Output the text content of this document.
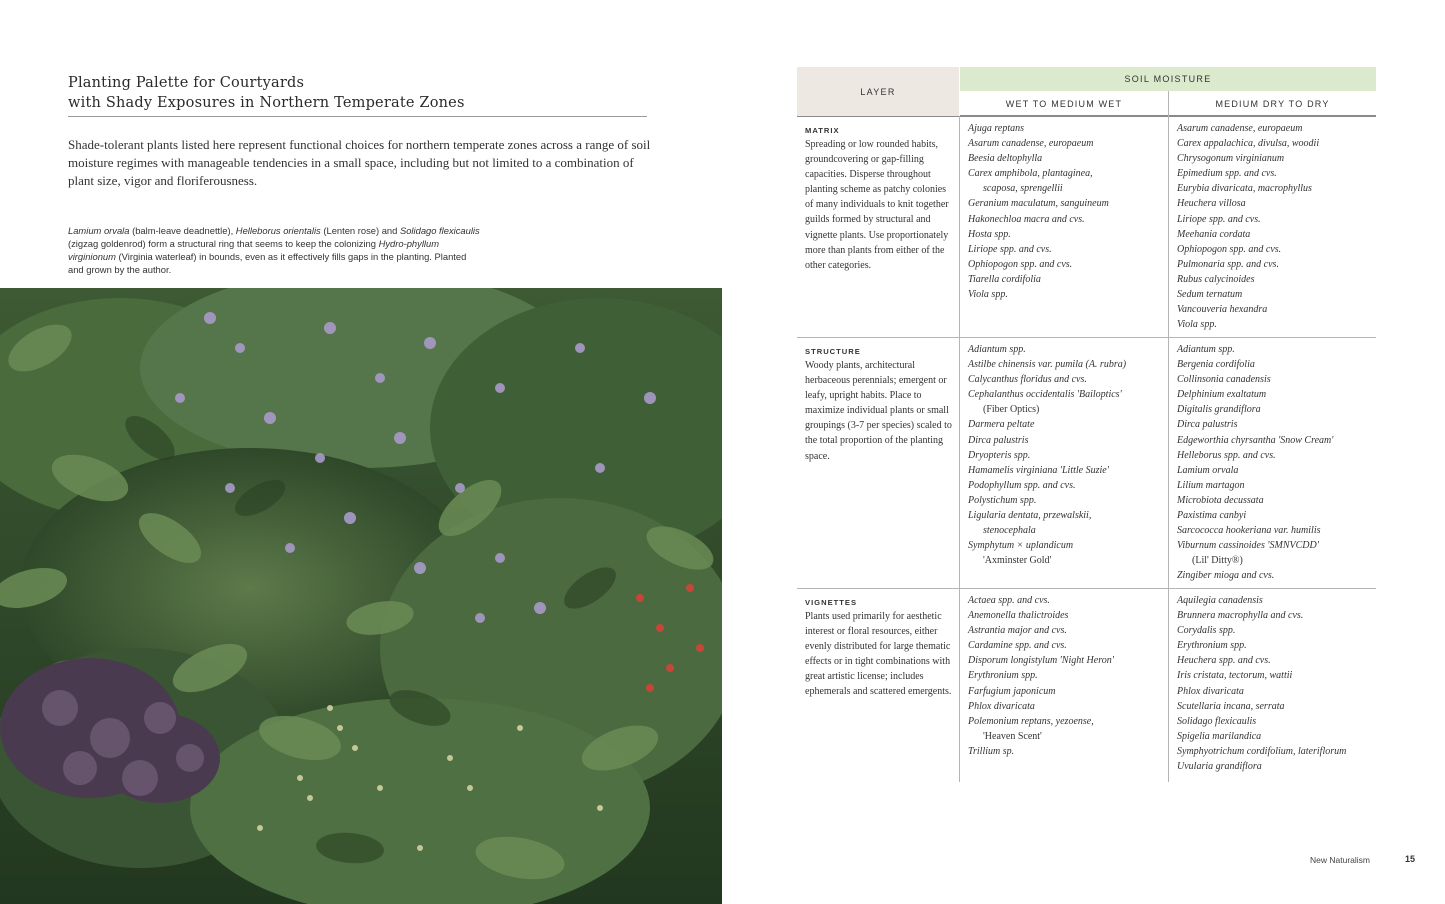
Planting Palette for Courtyards
with Shady Exposures in Northern Temperate Zones
Shade-tolerant plants listed here represent functional choices for northern temperate zones across a range of soil moisture regimes with manageable tendencies in a small space, including but not limited to a combination of plant size, vigor and floriferousness.
Lamium orvala (balm-leave deadnettle), Helleborus orientalis (Lenten rose) and Solidago flexicaulis (zigzag goldenrod) form a structural ring that seems to keep the colonizing Hydro-phyllum virginionum (Virginia waterleaf) in bounds, even as it effectively fills gaps in the planting. Planted and grown by the author.
LAYER
SOIL MOISTURE
WET TO MEDIUM WET	MEDIUM DRY TO DRY
MATRIX
Spreading or low rounded habits, groundcovering or gap-filling capacities. Disperse throughout planting scheme as patchy colonies of many individuals to knit together guilds formed by structural and vignette plants. Use proportionately more than plants from either of the other categories.
Ajuga reptans
Asarum canadense, europaeum
Beesia deltophylla
Carex amphibola, plantaginea,
scaposa, sprengellii
Geranium maculatum, sanguineum
Hakonechloa macra and cvs.
Hosta spp.
Liriope spp. and cvs.
Ophiopogon spp. and cvs.
Tiarella cordifolia
Viola spp.
Asarum canadense, europaeum
Carex appalachica, divulsa, woodii
Chrysogonum virginianum
Epimedium spp. and cvs.
Eurybia divaricata, macrophyllus
Heuchera villosa
Liriope spp. and cvs.
Meehania cordata
Ophiopogon spp. and cvs.
Pulmonaria spp. and cvs.
Rubus calycinoides
Sedum ternatum
Vancouveria hexandra
Viola spp.
STRUCTURE
Woody plants, architectural herbaceous perennials; emergent or leafy, upright habits. Place to maximize individual plants or small groupings (3-7 per species) scaled to the total proportion of the planting space.
Adiantum spp.
Astilbe chinensis var. pumila (A. rubra)
Calycanthus floridus and cvs.
Cephalanthus occidentalis 'Bailoptics'
(Fiber Optics)
Darmera peltate
Dirca palustris
Dryopteris spp.
Hamamelis virginiana 'Little Suzie'
Podophyllum spp. and cvs.
Polystichum spp.
Ligularia dentata, przewalskii,
stenocephala
Symphytum × uplandicum
'Axminster Gold'
Adiantum spp.
Bergenia cordifolia
Collinsonia canadensis
Delphinium exaltatum
Digitalis grandiflora
Dirca palustris
Edgeworthia chyrsantha 'Snow Cream'
Helleborus spp. and cvs.
Lamium orvala
Lilium martagon
Microbiota decussata
Paxistima canbyi
Sarcococca hookeriana var. humilis
Viburnum cassinoides 'SMNVCDD'
(Lil' Ditty®)
Zingiber mioga and cvs.
VIGNETTES
Plants used primarily for aesthetic interest or floral resources, either evenly distributed for large thematic effects or in tight combinations with great artistic license; includes ephemerals and scattered emergents.
Actaea spp. and cvs.
Anemonella thalictroides
Astrantia major and cvs.
Cardamine spp. and cvs.
Disporum longistylum 'Night Heron'
Erythronium spp.
Farfugium japonicum
Phlox divaricata
Polemonium reptans, yezoense,
'Heaven Scent'
Trillium sp.
Aquilegia canadensis
Brunnera macrophylla and cvs.
Corydalis spp.
Erythronium spp.
Heuchera spp. and cvs.
Iris cristata, tectorum, wattii
Phlox divaricata
Scutellaria incana, serrata
Solidago flexicaulis
Spigelia marilandica
Symphyotrichum cordifolium, lateriflorum
Uvularia grandiflora
New Naturalism	15
